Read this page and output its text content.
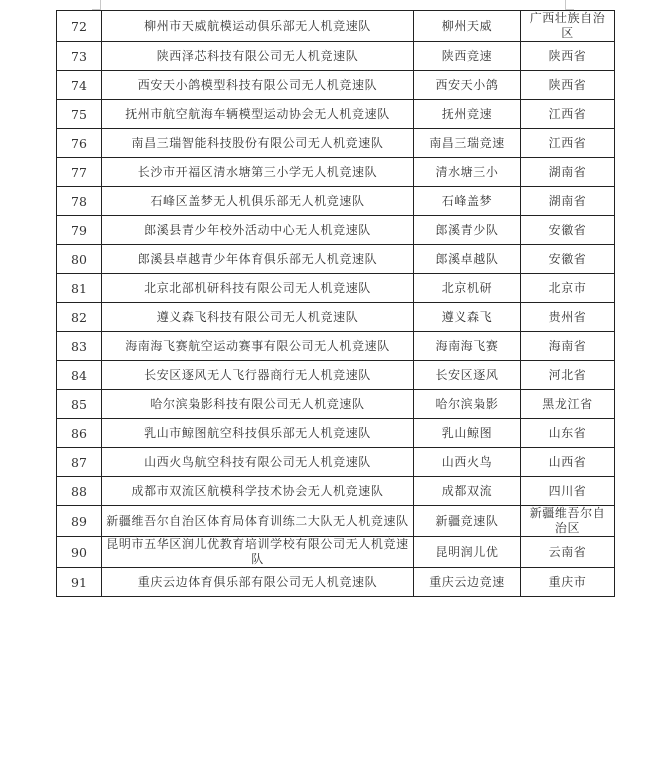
72	柳州市天威航模运动俱乐部无人机竞速队	柳州天威	广西壮族自治区
73	陕西泽芯科技有限公司无人机竞速队	陕西竞速	陕西省
74	西安天小鸽模型科技有限公司无人机竞速队	西安天小鸽	陕西省
75	抚州市航空航海车辆模型运动协会无人机竞速队	抚州竞速	江西省
76	南昌三瑞智能科技股份有限公司无人机竞速队	南昌三瑞竞速	江西省
77	长沙市开福区清水塘第三小学无人机竞速队	清水塘三小	湖南省
78	石峰区盖梦无人机俱乐部无人机竞速队	石峰盖梦	湖南省
79	郎溪县青少年校外活动中心无人机竞速队	郎溪青少队	安徽省
80	郎溪县卓越青少年体育俱乐部无人机竞速队	郎溪卓越队	安徽省
81	北京北部机研科技有限公司无人机竞速队	北京机研	北京市
82	遵义森飞科技有限公司无人机竞速队	遵义森飞	贵州省
83	海南海飞赛航空运动赛事有限公司无人机竞速队	海南海飞赛	海南省
84	长安区逐风无人飞行器商行无人机竞速队	长安区逐风	河北省
85	哈尔滨枭影科技有限公司无人机竞速队	哈尔滨枭影	黑龙江省
86	乳山市鲸图航空科技俱乐部无人机竞速队	乳山鲸图	山东省
87	山西火鸟航空科技有限公司无人机竞速队	山西火鸟	山西省
88	成都市双流区航模科学技术协会无人机竞速队	成都双流	四川省
89	新疆维吾尔自治区体育局体育训练二大队无人机竞速队	新疆竞速队	新疆维吾尔自治区
90	昆明市五华区润儿优教育培训学校有限公司无人机竞速队	昆明润儿优	云南省
91	重庆云边体育俱乐部有限公司无人机竞速队	重庆云边竞速	重庆市
